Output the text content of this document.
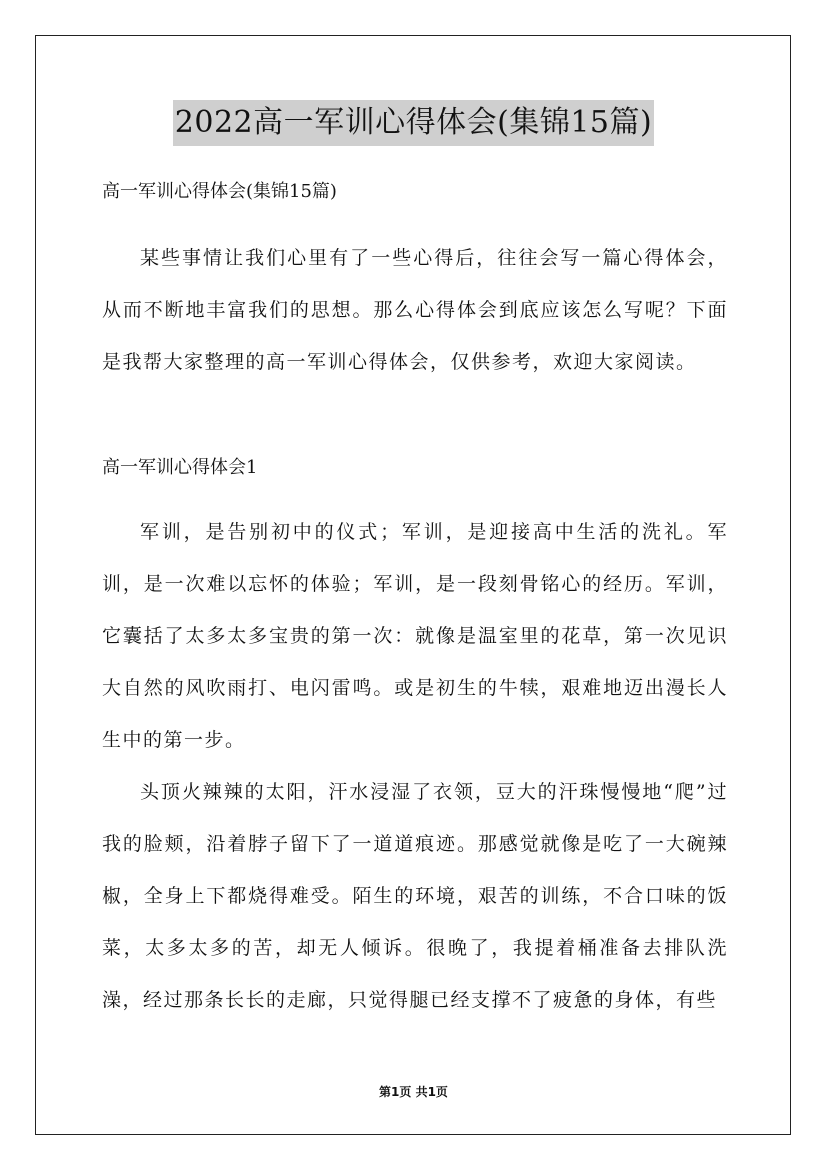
2022高一军训心得体会(集锦15篇)

高一军训心得体会(集锦15篇)

某些事情让我们心里有了一些心得后，往往会写一篇心得体会，从而不断地丰富我们的思想。那么心得体会到底应该怎么写呢？下面是我帮大家整理的高一军训心得体会，仅供参考，欢迎大家阅读。

高一军训心得体会1

军训，是告别初中的仪式；军训，是迎接高中生活的洗礼。军训，是一次难以忘怀的体验；军训，是一段刻骨铭心的经历。军训，它囊括了太多太多宝贵的第一次：就像是温室里的花草，第一次见识大自然的风吹雨打、电闪雷鸣。或是初生的牛犊，艰难地迈出漫长人生中的第一步。

头顶火辣辣的太阳，汗水浸湿了衣领，豆大的汗珠慢慢地“爬”过我的脸颊，沿着脖子留下了一道道痕迹。那感觉就像是吃了一大碗辣椒，全身上下都烧得难受。陌生的环境，艰苦的训练，不合口味的饭菜，太多太多的苦，却无人倾诉。很晚了，我提着桶准备去排队洗澡，经过那条长长的走廊，只觉得腿已经支撑不了疲惫的身体，有些

第1页 共1页
